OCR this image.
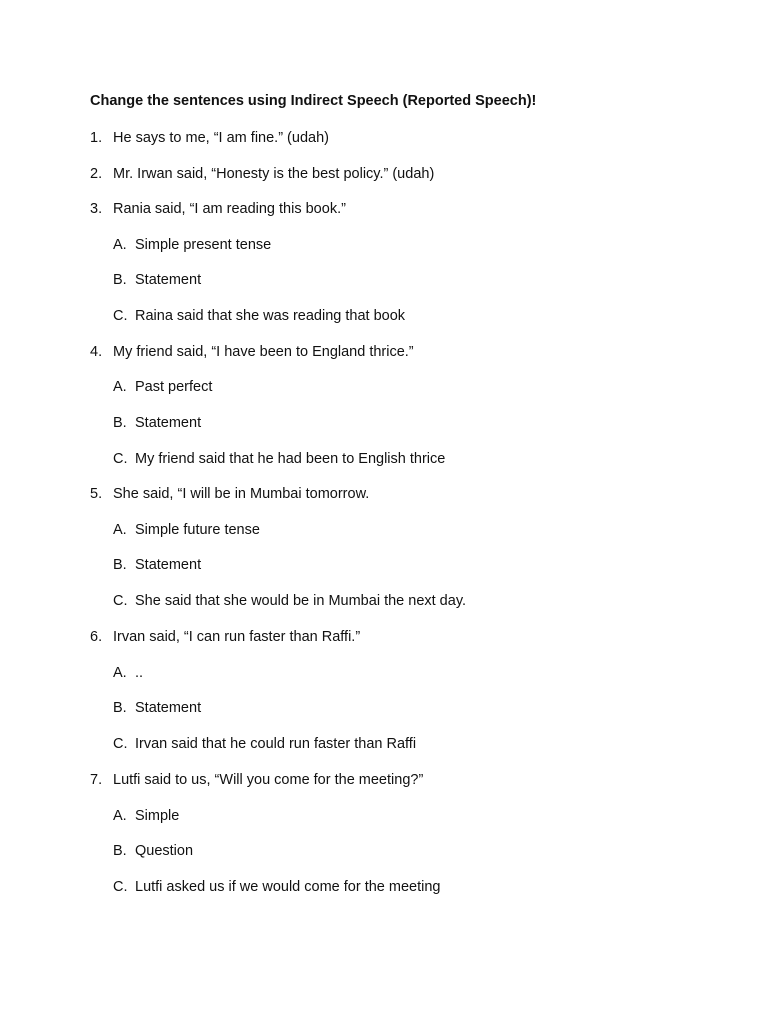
Change the sentences using Indirect Speech (Reported Speech)!
1. He says to me, “I am fine.” (udah)
2. Mr. Irwan said, “Honesty is the best policy.” (udah)
3. Rania said, “I am reading this book.”
A. Simple present tense
B. Statement
C. Raina said that she was reading that book
4. My friend said, “I have been to England thrice.”
A. Past perfect
B. Statement
C. My friend said that he had been to English thrice
5. She said, “I will be in Mumbai tomorrow.
A. Simple future tense
B. Statement
C. She said that she would be in Mumbai the next day.
6. Irvan said, “I can run faster than Raffi.”
A. ..
B. Statement
C. Irvan said that he could run faster than Raffi
7. Lutfi said to us, “Will you come for the meeting?”
A. Simple
B. Question
C. Lutfi asked us if we would come for the meeting
